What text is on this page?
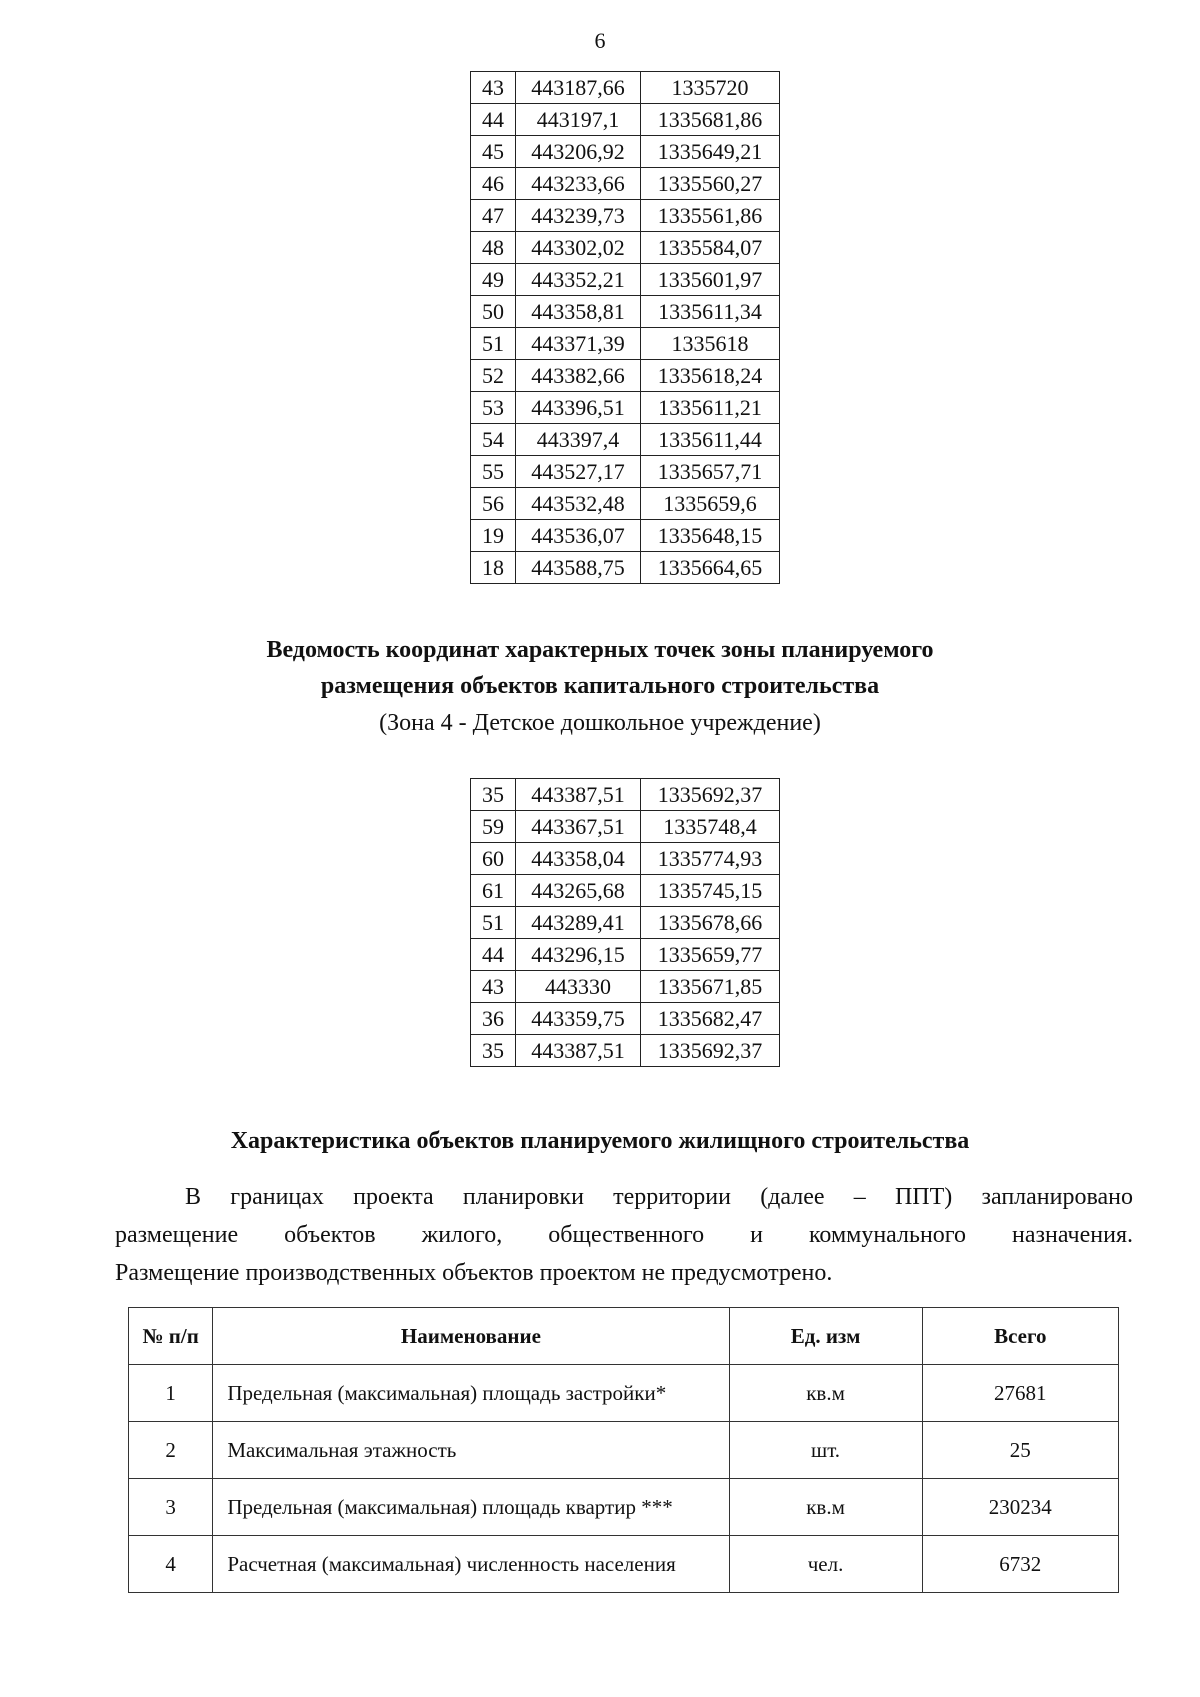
6
43	443187,66	1335720
44	443197,1	1335681,86
45	443206,92	1335649,21
46	443233,66	1335560,27
47	443239,73	1335561,86
48	443302,02	1335584,07
49	443352,21	1335601,97
50	443358,81	1335611,34
51	443371,39	1335618
52	443382,66	1335618,24
53	443396,51	1335611,21
54	443397,4	1335611,44
55	443527,17	1335657,71
56	443532,48	1335659,6
19	443536,07	1335648,15
18	443588,75	1335664,65
Ведомость координат характерных точек зоны планируемого
размещения объектов капитального строительства
(Зона 4 - Детское дошкольное учреждение)
35	443387,51	1335692,37
59	443367,51	1335748,4
60	443358,04	1335774,93
61	443265,68	1335745,15
51	443289,41	1335678,66
44	443296,15	1335659,77
43	443330	1335671,85
36	443359,75	1335682,47
35	443387,51	1335692,37
Характеристика объектов планируемого жилищного строительства
В границах проекта планировки территории (далее – ППТ) запланировано
размещение объектов жилого, общественного и коммунального назначения.
Размещение производственных объектов проектом не предусмотрено.
№ п/п	Наименование	Ед. изм	Всего
1	Предельная (максимальная) площадь застройки*	кв.м	27681
2	Максимальная этажность	шт.	25
3	Предельная (максимальная) площадь квартир ***	кв.м	230234
4	Расчетная (максимальная) численность населения	чел.	6732
